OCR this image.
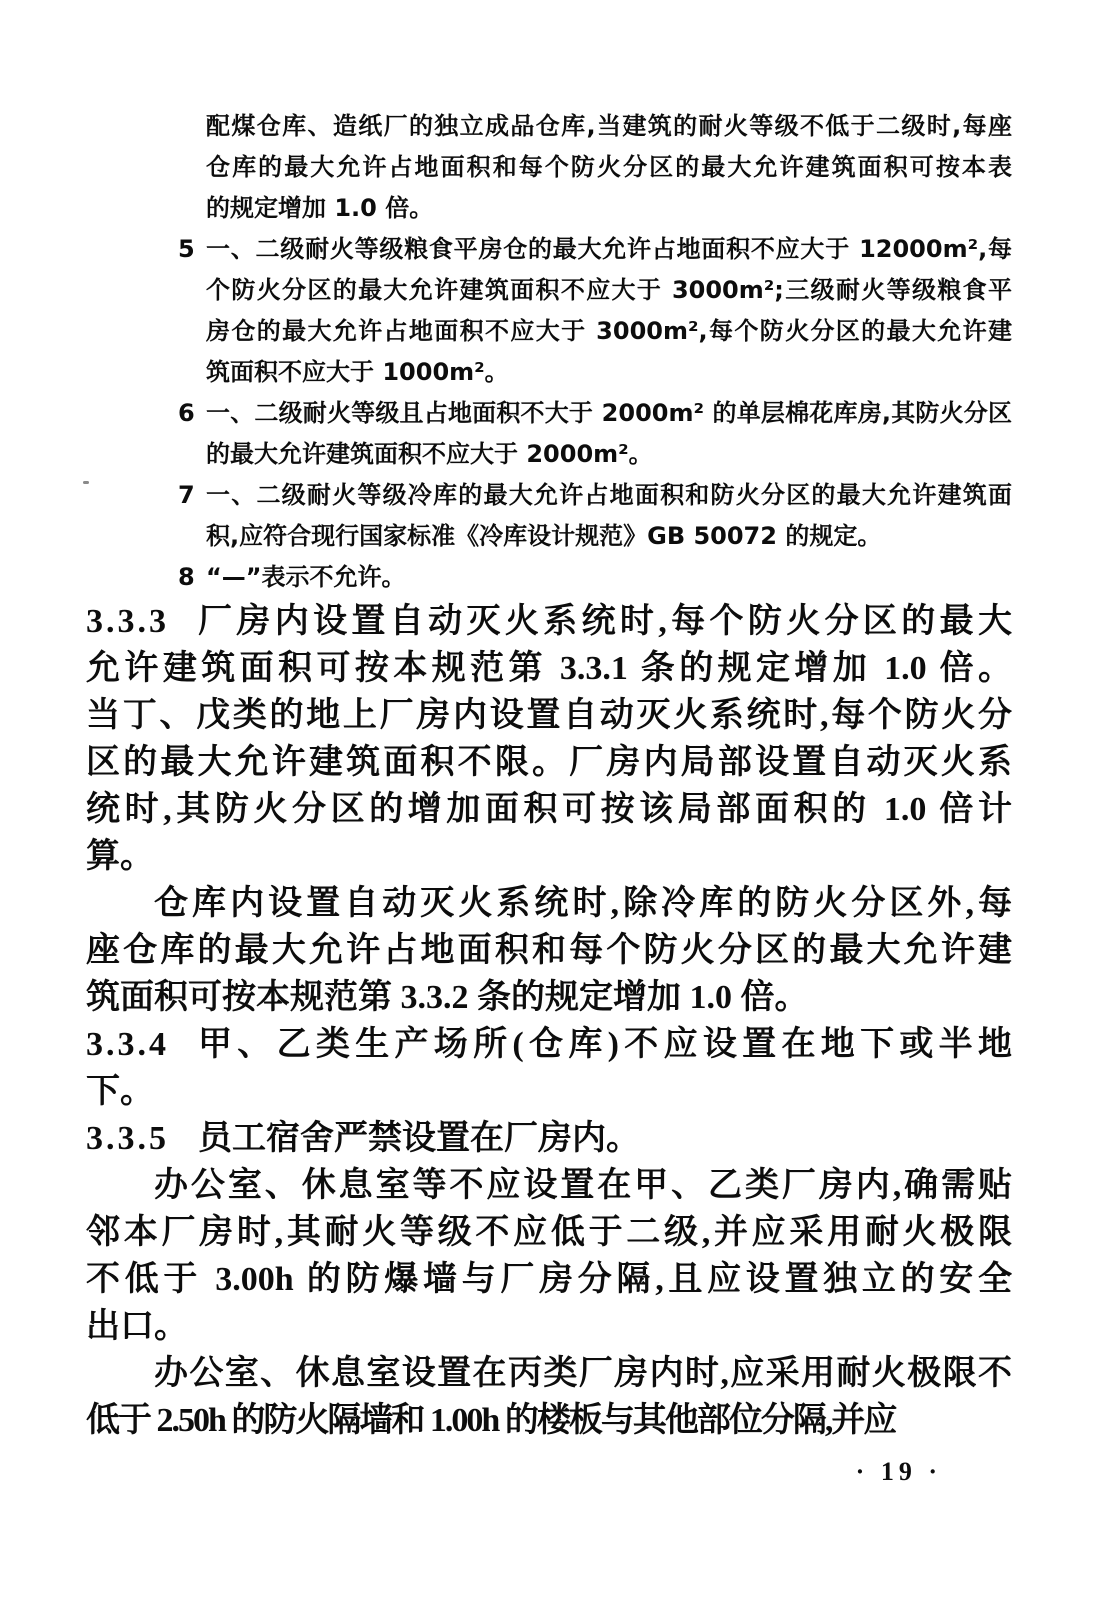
配煤仓库、造纸厂的独立成品仓库,当建筑的耐火等级不低于二级时,每座
仓库的最大允许占地面积和每个防火分区的最大允许建筑面积可按本表
的规定增加 1.0 倍。
5 一、二级耐火等级粮食平房仓的最大允许占地面积不应大于 12000m²,每
个防火分区的最大允许建筑面积不应大于 3000m²;三级耐火等级粮食平
房仓的最大允许占地面积不应大于 3000m²,每个防火分区的最大允许建
筑面积不应大于 1000m²。
6 一、二级耐火等级且占地面积不大于 2000m² 的单层棉花库房,其防火分区
的最大允许建筑面积不应大于 2000m²。
7 一、二级耐火等级冷库的最大允许占地面积和防火分区的最大允许建筑面
积,应符合现行国家标准《冷库设计规范》GB 50072 的规定。
8 “—”表示不允许。
3.3.3 厂房内设置自动灭火系统时,每个防火分区的最大
允许建筑面积可按本规范第 3.3.1 条的规定增加 1.0 倍。
当丁、戊类的地上厂房内设置自动灭火系统时,每个防火分
区的最大允许建筑面积不限。厂房内局部设置自动灭火系
统时,其防火分区的增加面积可按该局部面积的 1.0 倍计
算。
仓库内设置自动灭火系统时,除冷库的防火分区外,每
座仓库的最大允许占地面积和每个防火分区的最大允许建
筑面积可按本规范第 3.3.2 条的规定增加 1.0 倍。
3.3.4 甲、乙类生产场所(仓库)不应设置在地下或半地
下。
3.3.5 员工宿舍严禁设置在厂房内。
办公室、休息室等不应设置在甲、乙类厂房内,确需贴
邻本厂房时,其耐火等级不应低于二级,并应采用耐火极限
不低于 3.00h 的防爆墙与厂房分隔,且应设置独立的安全
出口。
办公室、休息室设置在丙类厂房内时,应采用耐火极限不
低于 2.50h 的防火隔墙和 1.00h 的楼板与其他部位分隔,并应
· 19 ·
